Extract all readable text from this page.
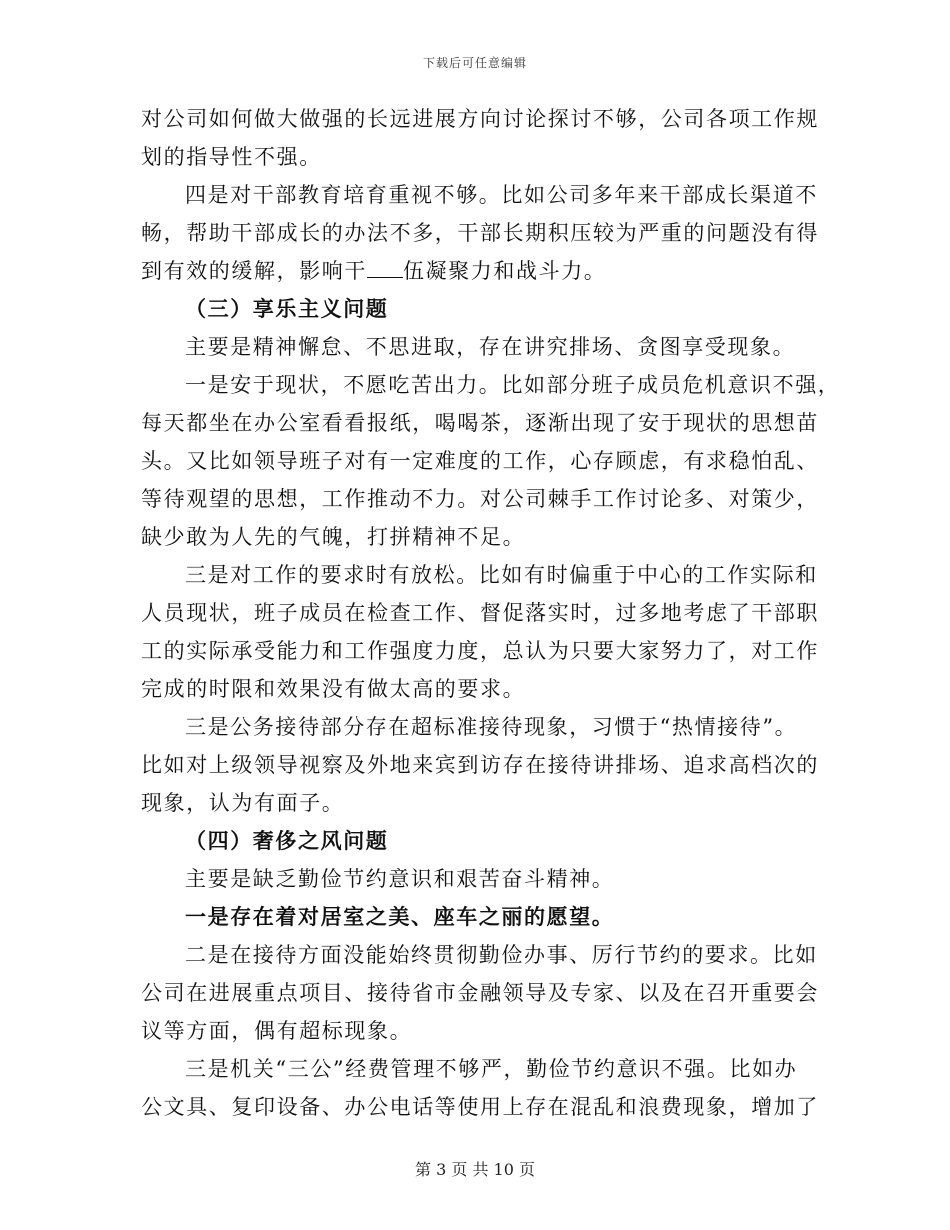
下载后可任意编辑
对公司如何做大做强的长远进展方向讨论探讨不够，公司各项工作规
划的指导性不强。
四是对干部教育培育重视不够。比如公司多年来干部成长渠道不
畅，帮助干部成长的办法不多，干部长期积压较为严重的问题没有得
到有效的缓解，影响干 伍凝聚力和战斗力。
（三）享乐主义问题
主要是精神懈怠、不思进取，存在讲究排场、贪图享受现象。
一是安于现状，不愿吃苦出力。比如部分班子成员危机意识不强，
每天都坐在办公室看看报纸，喝喝茶，逐渐出现了安于现状的思想苗
头。又比如领导班子对有一定难度的工作，心存顾虑，有求稳怕乱、
等待观望的思想，工作推动不力。对公司棘手工作讨论多、对策少，
缺少敢为人先的气魄，打拼精神不足。
三是对工作的要求时有放松。比如有时偏重于中心的工作实际和
人员现状，班子成员在检查工作、督促落实时，过多地考虑了干部职
工的实际承受能力和工作强度力度，总认为只要大家努力了，对工作
完成的时限和效果没有做太高的要求。
三是公务接待部分存在超标准接待现象，习惯于“热情接待”。
比如对上级领导视察及外地来宾到访存在接待讲排场、追求高档次的
现象，认为有面子。
（四）奢侈之风问题
主要是缺乏勤俭节约意识和艰苦奋斗精神。
一是存在着对居室之美、座车之丽的愿望。
二是在接待方面没能始终贯彻勤俭办事、厉行节约的要求。比如
公司在进展重点项目、接待省市金融领导及专家、以及在召开重要会
议等方面，偶有超标现象。
三是机关“三公”经费管理不够严，勤俭节约意识不强。比如办
公文具、复印设备、办公电话等使用上存在混乱和浪费现象，增加了
第 3 页 共 10 页
